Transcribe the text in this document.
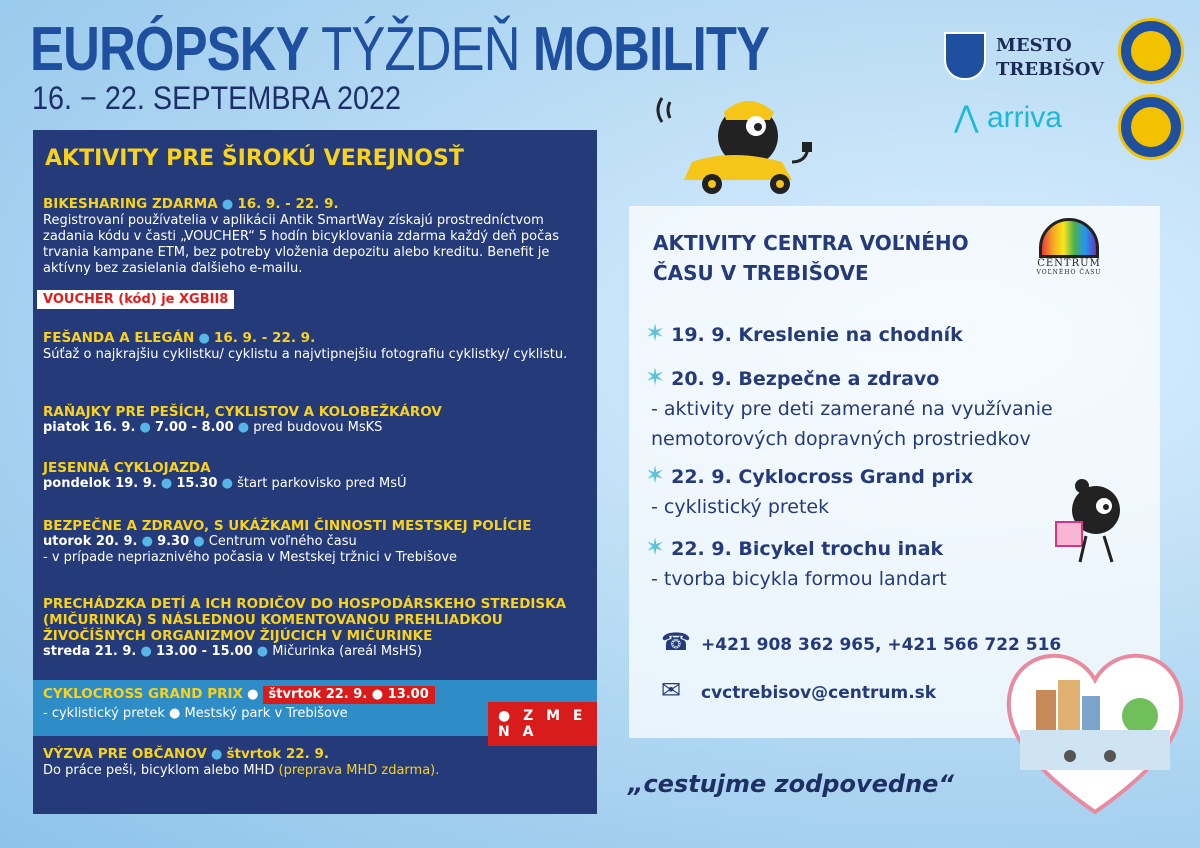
EURÓPSKY TÝŽDEŇ MOBILITY
16. − 22. SEPTEMBRA 2022
MESTO
TREBIŠOV
⋀ arriva
AKTIVITY PRE ŠIROKÚ VEREJNOSŤ

BIKESHARING ZDARMA ● 16. 9. - 22. 9.

Registrovaní používatelia v aplikácii Antik SmartWay získajú prostredníctvom zadania kódu v časti „VOUCHER“ 5 hodín bicyklovania zdarma každý deň počas trvania kampane ETM, bez potreby vloženia depozitu alebo kreditu. Benefit je aktívny bez zasielania ďalšieho e-mailu.

VOUCHER (kód) je XGBII8

FEŠANDA A ELEGÁN ● 16. 9. - 22. 9.

Súťaž o najkrajšiu cyklistku/ cyklistu a najvtipnejšiu fotografiu cyklistky/ cyklistu.

RAŇAJKY PRE PEŠÍCH, CYKLISTOV A KOLOBEŽKÁROV

piatok 16. 9. ● 7.00 - 8.00 ● pred budovou MsKS

JESENNÁ CYKLOJAZDA

pondelok 19. 9. ● 15.30 ● štart parkovisko pred MsÚ

BEZPEČNE A ZDRAVO, S UKÁŽKAMI ČINNOSTI MESTSKEJ POLÍCIE

utorok 20. 9. ● 9.30 ● Centrum voľného času

- v prípade nepriaznivého počasia v Mestskej tržnici v Trebišove

PRECHÁDZKA DETÍ A ICH RODIČOV DO HOSPODÁRSKEHO STREDISKA (MIČURINKA) S NÁSLEDNOU KOMENTOVANOU PREHLIADKOU ŽIVOČÍŠNYCH ORGANIZMOV ŽIJÚCICH V MIČURINKE

streda 21. 9. ● 13.00 - 15.00 ● Mičurinka (areál MsHS)

CYKLOCROSS GRAND PRIX ● štvrtok 22. 9. ● 13.00

- cyklistický pretek ● Mestský park v Trebišove	● Z M E N A

VÝZVA PRE OBČANOV ● štvrtok 22. 9.

Do práce peši, bicyklom alebo MHD (preprava MHD zdarma).

AKTIVITY CENTRA VOĽNÉHO ČASU V TREBIŠOVE
✶ 19. 9. Kreslenie na chodník
✶ 20. 9. Bezpečne a zdravo
- aktivity pre deti zamerané na využívanie nemotorových dopravných prostriedkov
✶ 22. 9. Cyklocross Grand prix
- cyklistický pretek
✶ 22. 9. Bicykel trochu inak
- tvorba bicykla formou landart
☎ +421 908 362 965, +421 566 722 516
✉ cvctrebisov@centrum.sk
CENTRUM
VOĽNÉHO ČASU
„cestujme zodpovedne“
